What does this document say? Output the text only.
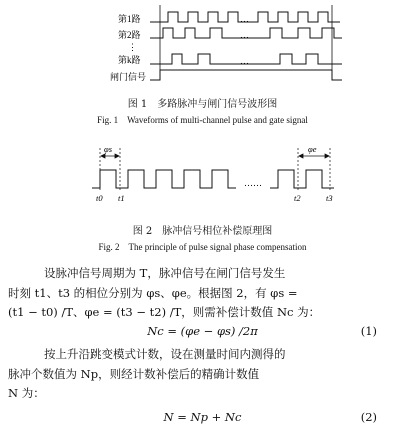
第1路
第2路
⋮
第k路
闸门信号
…
…
…
图 1　多路脉冲与闸门信号波形图
Fig. 1　Waveforms of multi-channel pulse and gate signal
φs	φe
……
t0 t1	t2	t3
图 2　脉冲信号相位补偿原理图
Fig. 2　The principle of pulse signal phase compensation
设脉冲信号周期为 T，脉冲信号在闸门信号发生
时刻 t1、t3 的相位分别为 φs、φe。根据图 2，有 φs =
(t1 − t0) /T、φe = (t3 − t2) /T，则需补偿计数值 Nc 为：
Nc = (φe − φs) /2π	(1)
按上升沿跳变模式计数，设在测量时间内测得的
脉冲个数值为 Np，则经计数补偿后的精确计数值
N 为：
N = Np + Nc	(2)
